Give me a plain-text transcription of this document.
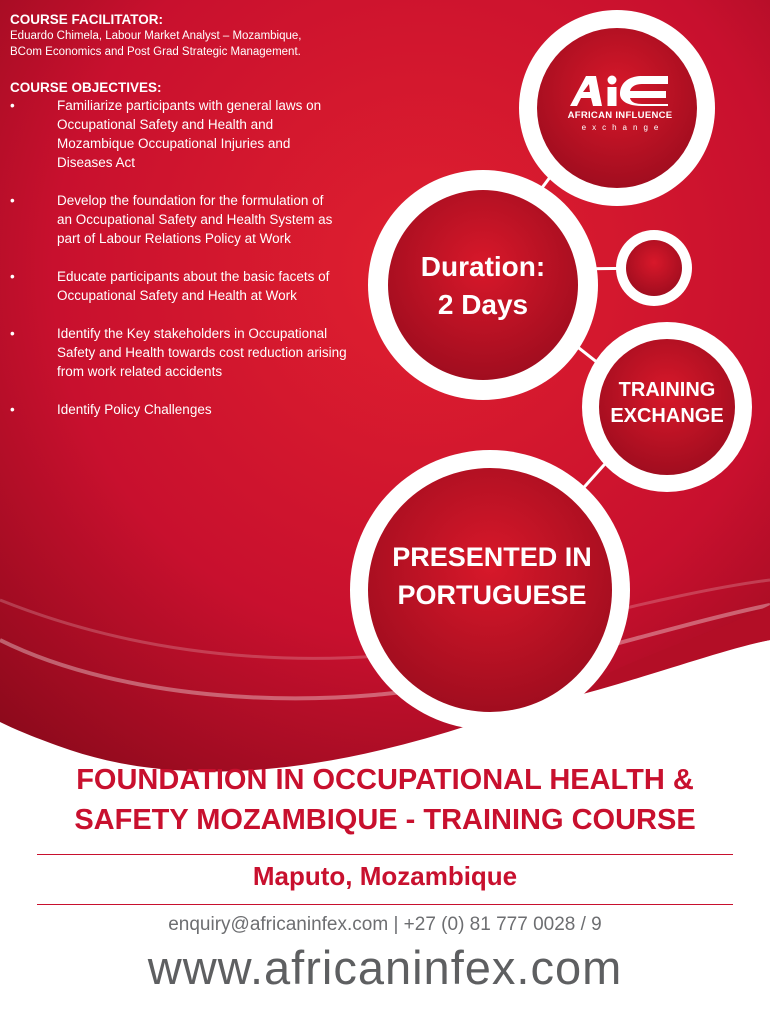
COURSE FACILITATOR:

Eduardo Chimela, Labour Market Analyst – Mozambique,

BCom Economics and Post Grad Strategic Management.

COURSE OBJECTIVES:

•	Familiarize participants with general laws on Occupational Safety and Health and Mozambique Occupational Injuries and Diseases Act
•	Develop the foundation for the formulation of an Occupational Safety and Health System as part of Labour Relations Policy at Work
•	Educate participants about the basic facets of Occupational Safety and Health at Work
•	Identify the Key stakeholders in Occupational Safety and Health towards cost reduction arising from work related accidents
•	Identify Policy Challenges
AFRICAN INFLUENCE
exchange
Duration:
2 Days
TRAINING
EXCHANGE
PRESENTED IN
PORTUGUESE
FOUNDATION IN OCCUPATIONAL HEALTH &
SAFETY MOZAMBIQUE - TRAINING COURSE
Maputo, Mozambique
enquiry@africaninfex.com | +27 (0) 81 777 0028 / 9
www.africaninfex.com
